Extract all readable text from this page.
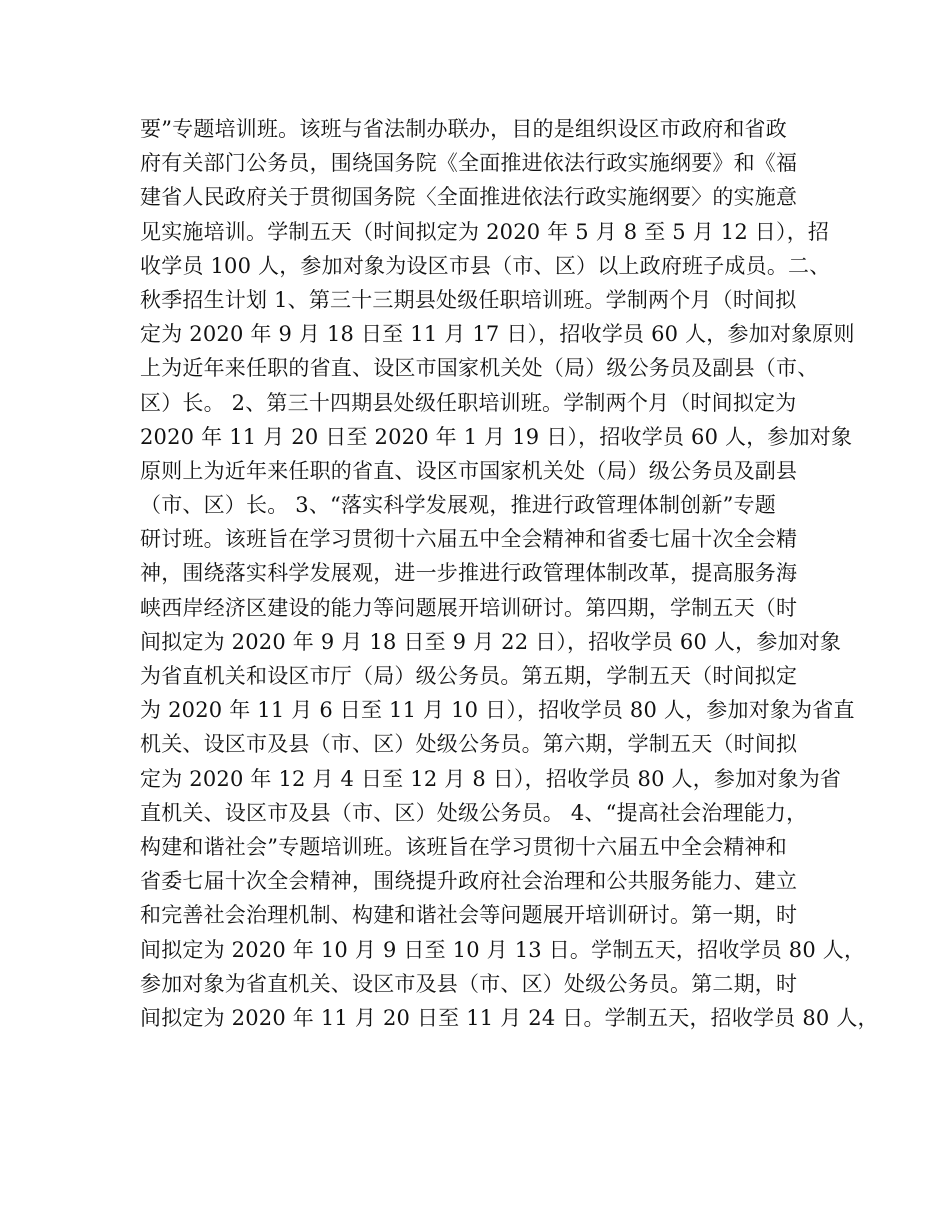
要”专题培训班。该班与省法制办联办，目的是组织设区市政府和省政
府有关部门公务员，围绕国务院《全面推进依法行政实施纲要》和《福
建省人民政府关于贯彻国务院〈全面推进依法行政实施纲要〉的实施意
见实施培训。学制五天（时间拟定为 2020 年 5 月 8 至 5 月 12 日），招
收学员 100 人，参加对象为设区市县（市、区）以上政府班子成员。二、
秋季招生计划 1、第三十三期县处级任职培训班。学制两个月（时间拟
定为 2020 年 9 月 18 日至 11 月 17 日），招收学员 60 人，参加对象原则
上为近年来任职的省直、设区市国家机关处（局）级公务员及副县（市、
区）长。 2、第三十四期县处级任职培训班。学制两个月（时间拟定为
2020 年 11 月 20 日至 2020 年 1 月 19 日），招收学员 60 人，参加对象
原则上为近年来任职的省直、设区市国家机关处（局）级公务员及副县
（市、区）长。 3、“落实科学发展观，推进行政管理体制创新”专题
研讨班。该班旨在学习贯彻十六届五中全会精神和省委七届十次全会精
神，围绕落实科学发展观，进一步推进行政管理体制改革，提高服务海
峡西岸经济区建设的能力等问题展开培训研讨。第四期，学制五天（时
间拟定为 2020 年 9 月 18 日至 9 月 22 日），招收学员 60 人，参加对象
为省直机关和设区市厅（局）级公务员。第五期，学制五天（时间拟定
为 2020 年 11 月 6 日至 11 月 10 日），招收学员 80 人，参加对象为省直
机关、设区市及县（市、区）处级公务员。第六期，学制五天（时间拟
定为 2020 年 12 月 4 日至 12 月 8 日），招收学员 80 人，参加对象为省
直机关、设区市及县（市、区）处级公务员。 4、“提高社会治理能力，
构建和谐社会”专题培训班。该班旨在学习贯彻十六届五中全会精神和
省委七届十次全会精神，围绕提升政府社会治理和公共服务能力、建立
和完善社会治理机制、构建和谐社会等问题展开培训研讨。第一期，时
间拟定为 2020 年 10 月 9 日至 10 月 13 日。学制五天，招收学员 80 人，
参加对象为省直机关、设区市及县（市、区）处级公务员。第二期，时
间拟定为 2020 年 11 月 20 日至 11 月 24 日。学制五天，招收学员 80 人，
